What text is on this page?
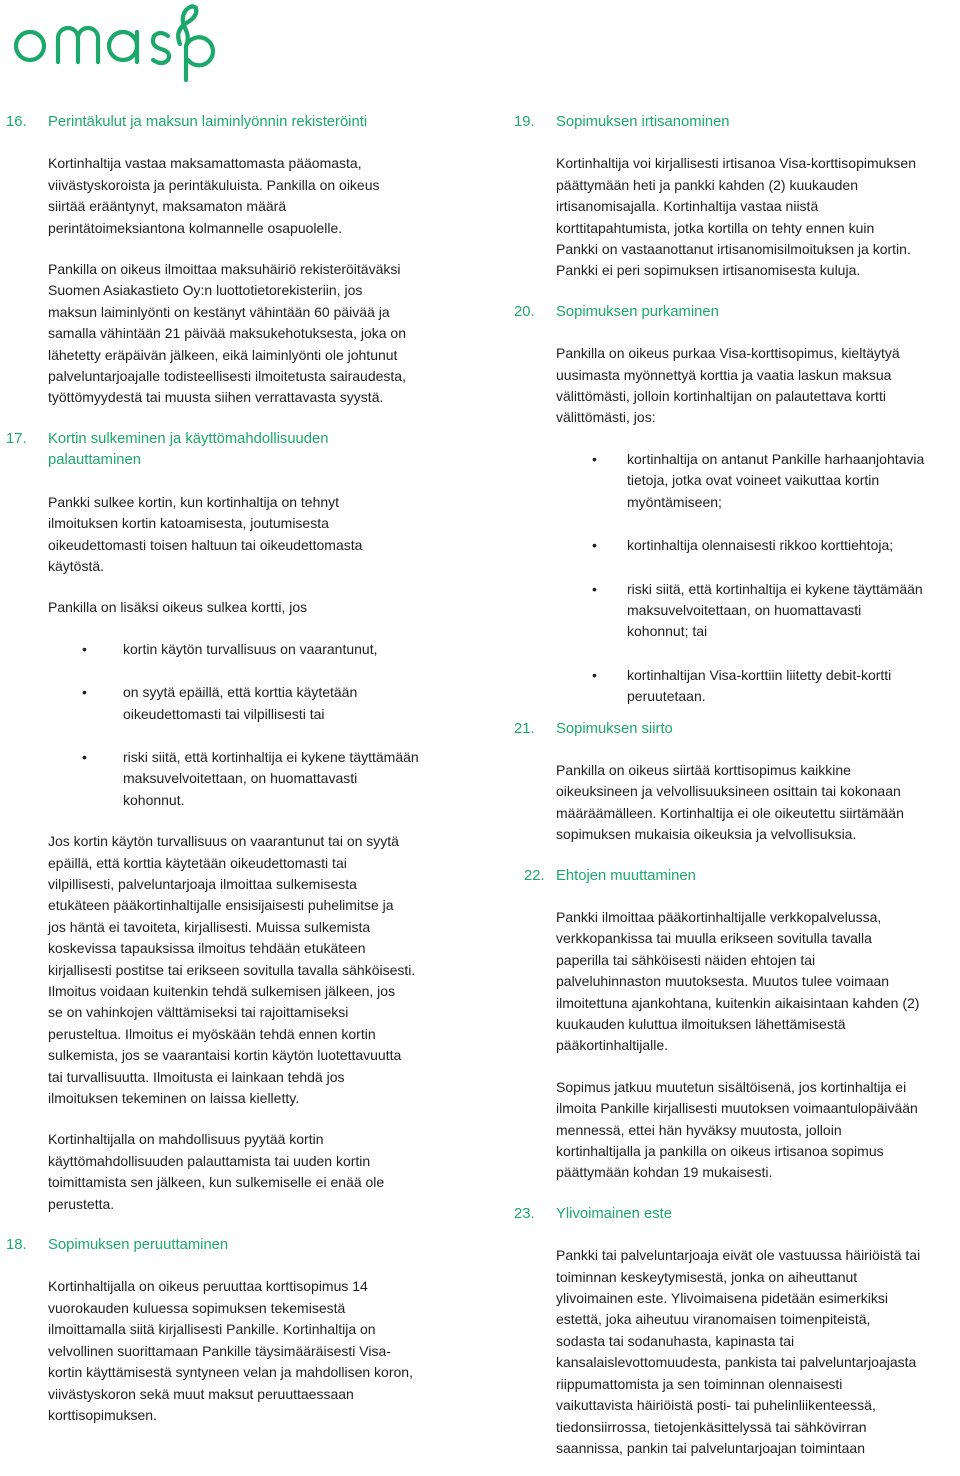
16.	Perintäkulut ja maksun laiminlyönnin rekisteröinti

Kortinhaltija vastaa maksamattomasta pääomasta,
viivästyskoroista ja perintäkuluista. Pankilla on oikeus
siirtää erääntynyt, maksamaton määrä
perintätoimeksiantona kolmannelle osapuolelle.

Pankilla on oikeus ilmoittaa maksuhäiriö rekisteröitäväksi
Suomen Asiakastieto Oy:n luottotietorekisteriin, jos
maksun laiminlyönti on kestänyt vähintään 60 päivää ja
samalla vähintään 21 päivää maksukehotuksesta, joka on
lähetetty eräpäivän jälkeen, eikä laiminlyönti ole johtunut
palveluntarjoajalle todisteellisesti ilmoitetusta sairaudesta,
työttömyydestä tai muusta siihen verrattavasta syystä.

17.	Kortin sulkeminen ja käyttömahdollisuuden
palauttaminen

Pankki sulkee kortin, kun kortinhaltija on tehnyt
ilmoituksen kortin katoamisesta, joutumisesta
oikeudettomasti toisen haltuun tai oikeudettomasta
käytöstä.

Pankilla on lisäksi oikeus sulkea kortti, jos

• kortin käytön turvallisuus on vaarantunut,
• on syytä epäillä, että korttia käytetään
oikeudettomasti tai vilpillisesti tai
• riski siitä, että kortinhaltija ei kykene täyttämään
maksuvelvoitettaan, on huomattavasti
kohonnut.

Jos kortin käytön turvallisuus on vaarantunut tai on syytä
epäillä, että korttia käytetään oikeudettomasti tai
vilpillisesti, palveluntarjoaja ilmoittaa sulkemisesta
etukäteen pääkortinhaltijalle ensisijaisesti puhelimitse ja
jos häntä ei tavoiteta, kirjallisesti. Muissa sulkemista
koskevissa tapauksissa ilmoitus tehdään etukäteen
kirjallisesti postitse tai erikseen sovitulla tavalla sähköisesti.
Ilmoitus voidaan kuitenkin tehdä sulkemisen jälkeen, jos
se on vahinkojen välttämiseksi tai rajoittamiseksi
perusteltua. Ilmoitus ei myöskään tehdä ennen kortin
sulkemista, jos se vaarantaisi kortin käytön luotettavuutta
tai turvallisuutta. Ilmoitusta ei lainkaan tehdä jos
ilmoituksen tekeminen on laissa kielletty.

Kortinhaltijalla on mahdollisuus pyytää kortin
käyttömahdollisuuden palauttamista tai uuden kortin
toimittamista sen jälkeen, kun sulkemiselle ei enää ole
perustetta.

18.	Sopimuksen peruuttaminen

Kortinhaltijalla on oikeus peruuttaa korttisopimus 14
vuorokauden kuluessa sopimuksen tekemisestä
ilmoittamalla siitä kirjallisesti Pankille. Kortinhaltija on
velvollinen suorittamaan Pankille täysimääräisesti Visa-
kortin käyttämisestä syntyneen velan ja mahdollisen koron,
viivästyskoron sekä muut maksut peruuttaessaan
korttisopimuksen.

19.	Sopimuksen irtisanominen

Kortinhaltija voi kirjallisesti irtisanoa Visa-korttisopimuksen
päättymään heti ja pankki kahden (2) kuukauden
irtisanomisajalla. Kortinhaltija vastaa niistä
korttitapahtumista, jotka kortilla on tehty ennen kuin
Pankki on vastaanottanut irtisanomisilmoituksen ja kortin.
Pankki ei peri sopimuksen irtisanomisesta kuluja.

20.	Sopimuksen purkaminen

Pankilla on oikeus purkaa Visa-korttisopimus, kieltäytyä
uusimasta myönnettyä korttia ja vaatia laskun maksua
välittömästi, jolloin kortinhaltijan on palautettava kortti
välittömästi, jos:

• kortinhaltija on antanut Pankille harhaanjohtavia
tietoja, jotka ovat voineet vaikuttaa kortin
myöntämiseen;
• kortinhaltija olennaisesti rikkoo korttiehtoja;
• riski siitä, että kortinhaltija ei kykene täyttämään
maksuvelvoitettaan, on huomattavasti
kohonnut; tai
• kortinhaltijan Visa-korttiin liitetty debit-kortti
peruutetaan.
21.	Sopimuksen siirto

Pankilla on oikeus siirtää korttisopimus kaikkine
oikeuksineen ja velvollisuuksineen osittain tai kokonaan
määräämälleen. Kortinhaltija ei ole oikeutettu siirtämään
sopimuksen mukaisia oikeuksia ja velvollisuksia.

22. Ehtojen muuttaminen

Pankki ilmoittaa pääkortinhaltijalle verkkopalvelussa,
verkkopankissa tai muulla erikseen sovitulla tavalla
paperilla tai sähköisesti näiden ehtojen tai
palveluhinnaston muutoksesta. Muutos tulee voimaan
ilmoitettuna ajankohtana, kuitenkin aikaisintaan kahden (2)
kuukauden kuluttua ilmoituksen lähettämisestä
pääkortinhaltijalle.

Sopimus jatkuu muutetun sisältöisenä, jos kortinhaltija ei
ilmoita Pankille kirjallisesti muutoksen voimaantulopäivään
mennessä, ettei hän hyväksy muutosta, jolloin
kortinhaltijalla ja pankilla on oikeus irtisanoa sopimus
päättymään kohdan 19 mukaisesti.

23.	Ylivoimainen este

Pankki tai palveluntarjoaja eivät ole vastuussa häiriöistä tai
toiminnan keskeytymisestä, jonka on aiheuttanut
ylivoimainen este. Ylivoimaisena pidetään esimerkiksi
estettä, joka aiheutuu viranomaisen toimenpiteistä,
sodasta tai sodanuhasta, kapinasta tai
kansalaislevottomuudesta, pankista tai palveluntarjoajasta
riippumattomista ja sen toiminnan olennaisesti
vaikuttavista häiriöistä posti- tai puhelinliikenteessä,
tiedonsiirrossa, tietojenkäsittelyssä tai sähkövirran
saannissa, pankin tai palveluntarjoajan toimintaan
